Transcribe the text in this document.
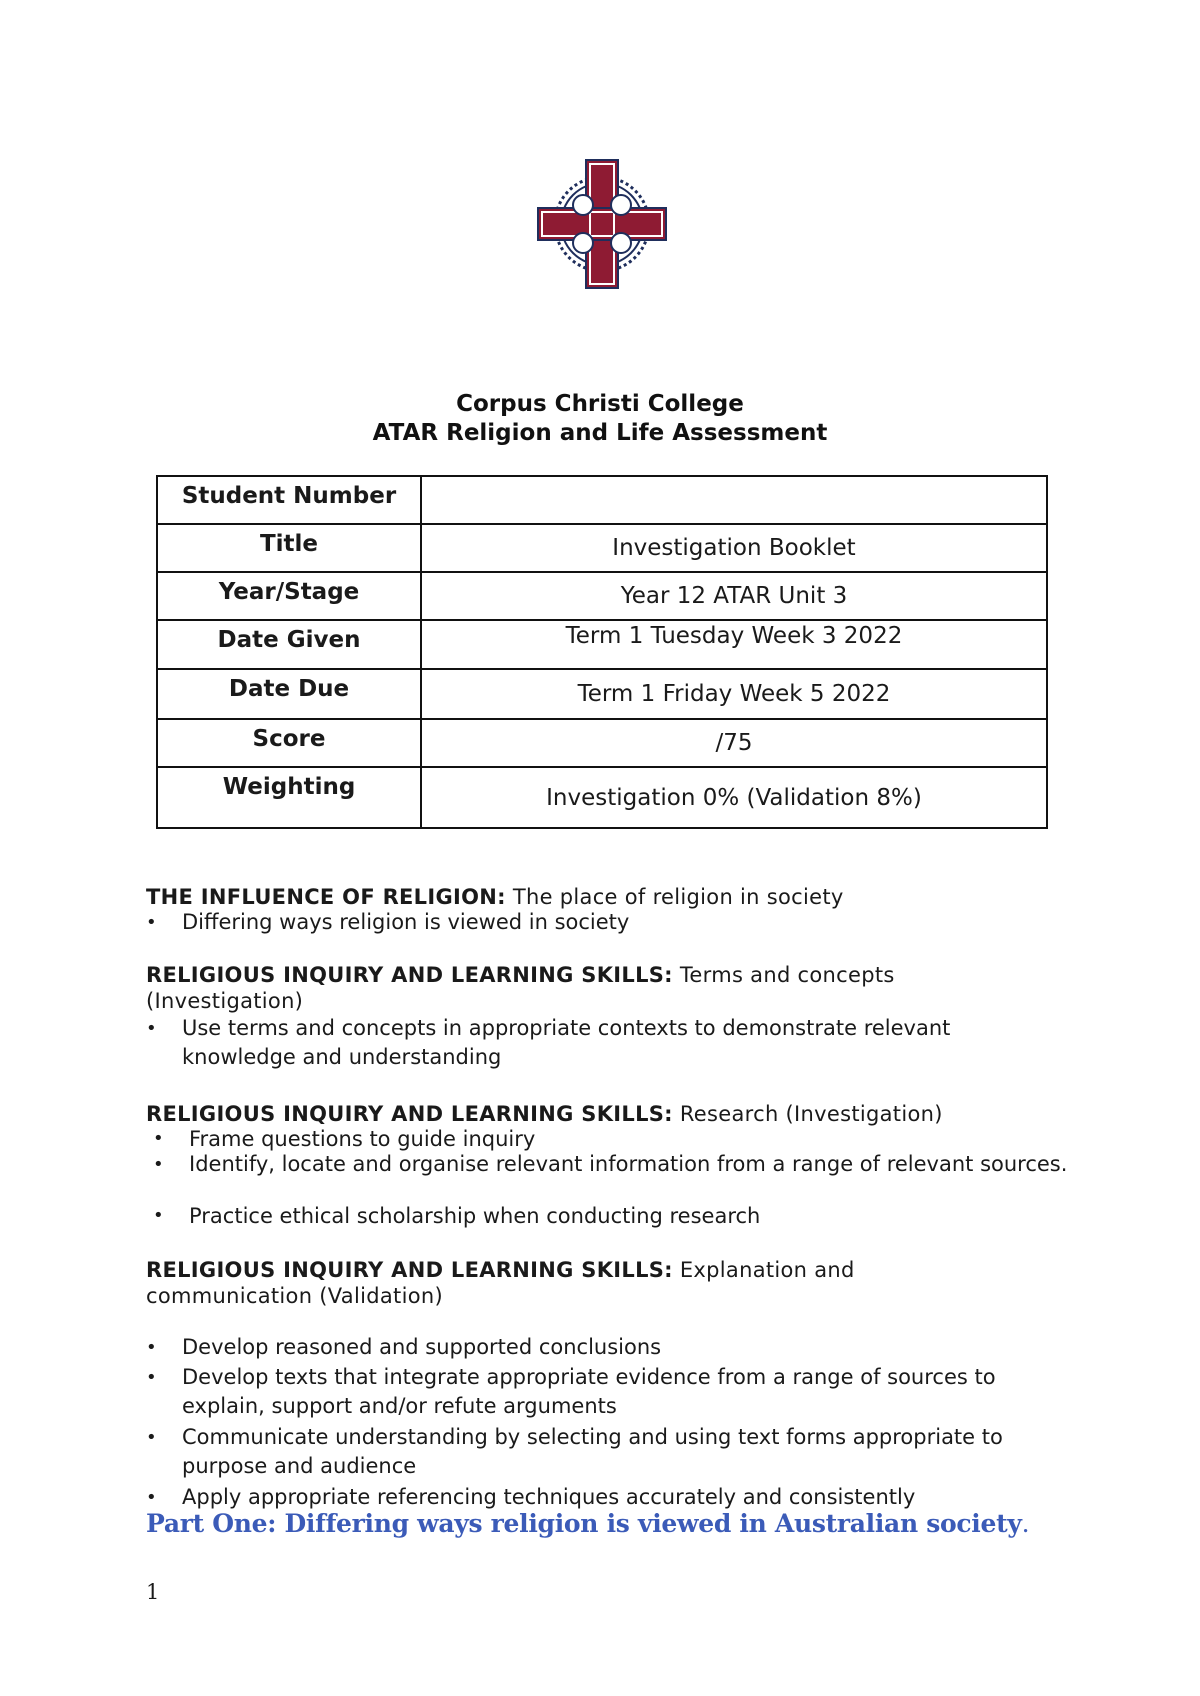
Corpus Christi College
ATAR Religion and Life Assessment
Student Number	
Title	Investigation Booklet
Year/Stage	Year 12 ATAR Unit 3
Date Given	Term 1 Tuesday Week 3 2022
Date Due	Term 1 Friday Week 5 2022
Score	/75
Weighting	Investigation 0% (Validation 8%)
THE INFLUENCE OF RELIGION: The place of religion in society
• Differing ways religion is viewed in society
RELIGIOUS INQUIRY AND LEARNING SKILLS: Terms and concepts (Investigation)
• Use terms and concepts in appropriate contexts to demonstrate relevant knowledge and understanding
RELIGIOUS INQUIRY AND LEARNING SKILLS: Research (Investigation)
• Frame questions to guide inquiry
• Identify, locate and organise relevant information from a range of relevant sources.
• Practice ethical scholarship when conducting research
RELIGIOUS INQUIRY AND LEARNING SKILLS: Explanation and communication (Validation)
• Develop reasoned and supported conclusions
• Develop texts that integrate appropriate evidence from a range of sources to explain, support and/or refute arguments
• Communicate understanding by selecting and using text forms appropriate to purpose and audience
• Apply appropriate referencing techniques accurately and consistently
Part One: Differing ways religion is viewed in Australian society.
1
